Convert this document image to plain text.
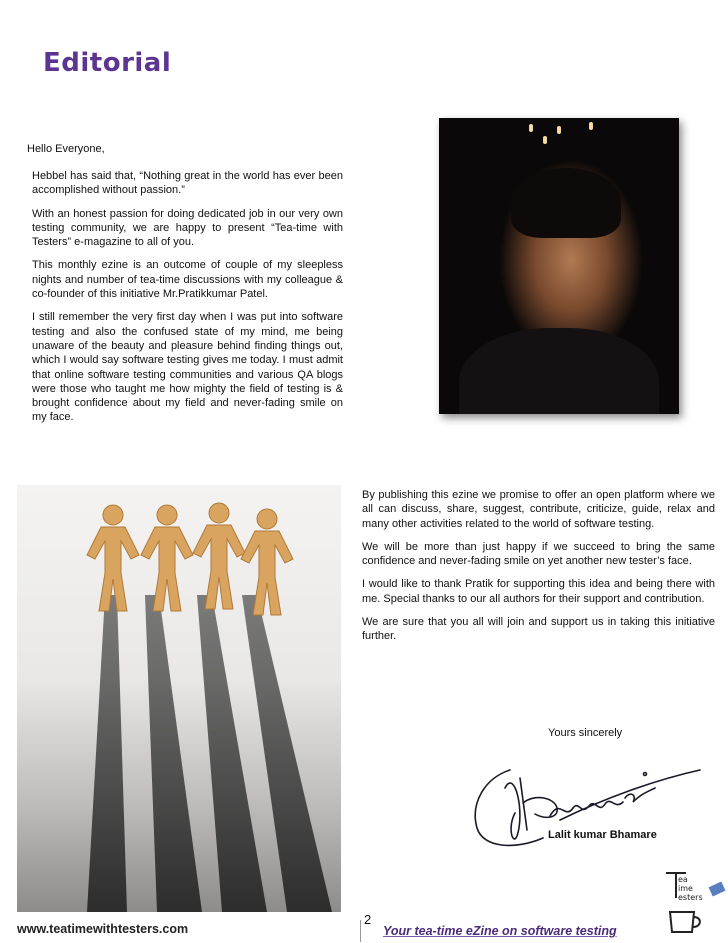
Editorial
Hello Everyone,

Hebbel has said that, “Nothing great in the world has ever been accomplished without passion.”

With an honest passion for doing dedicated job in our very own testing community, we are happy to present “Tea-time with Testers” e-magazine to all of you.

This monthly ezine is an outcome of couple of my sleepless nights and number of tea-time discussions with my colleague & co-founder of this initiative Mr.Pratikkumar Patel.

I still remember the very first day when I was put into software testing and also the confused state of my mind, me being unaware of the beauty and pleasure behind finding things out, which I would say software testing gives me today. I must admit that online software testing communities and various QA blogs were those who taught me how mighty the field of testing is & brought confidence about my field and never-fading smile on my face.

By publishing this ezine we promise to offer an open platform where we all can discuss, share, suggest, contribute, criticize, guide, relax and many other activities related to the world of software testing.

We will be more than just happy if we succeed to bring the same confidence and never-fading smile on yet another new tester’s face.

I would like to thank Pratik for supporting this idea and being there with me. Special thanks to our all authors for their support and contribution.

We are sure that you all will join and support us in taking this initiative further.

Yours sincerely
Lalit kumar Bhamare
2
www.teatimewithtesters.com	Your tea-time eZine on software testing
ea
ime
esters
